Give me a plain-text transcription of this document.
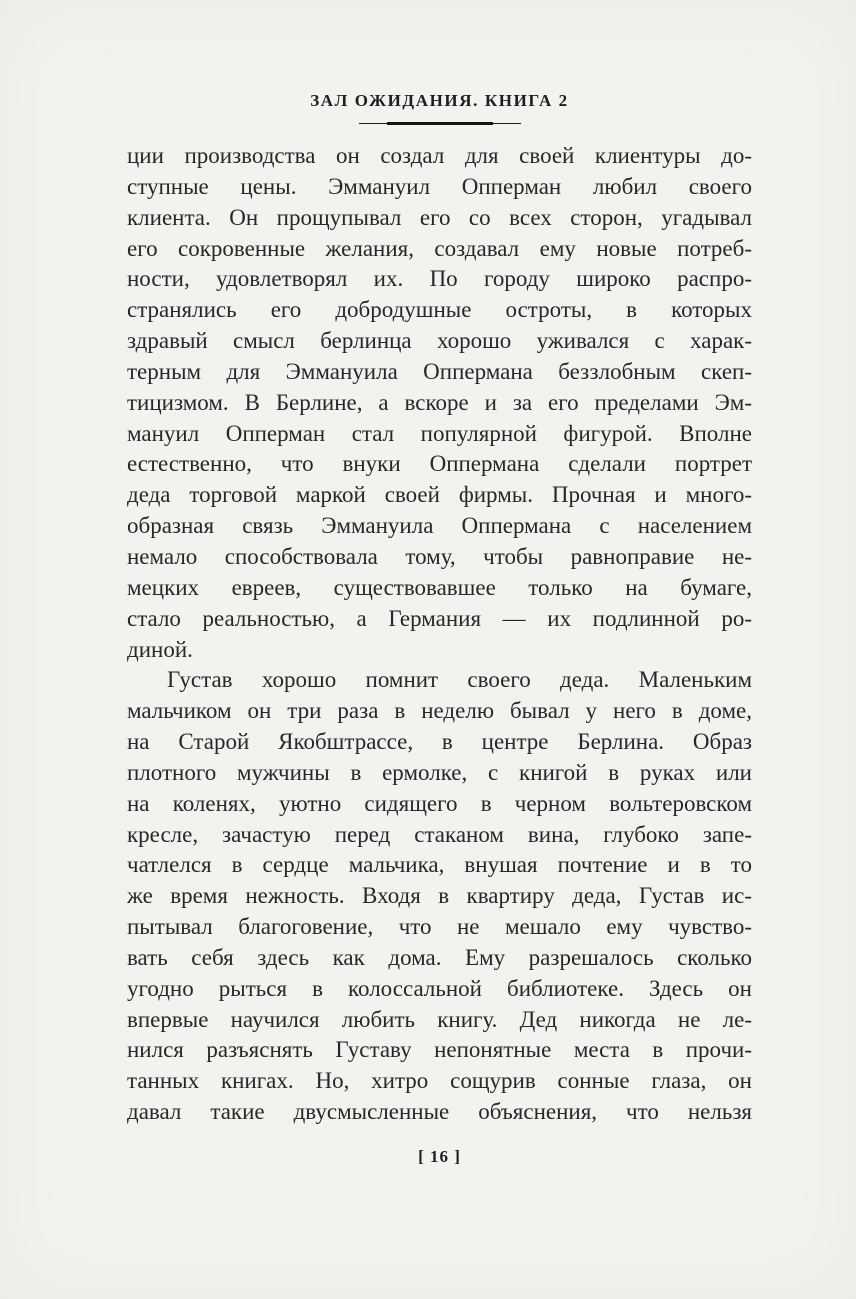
ЗАЛ ОЖИДАНИЯ. КНИГА 2
ции производства он создал для своей клиентуры до-
ступные цены. Эммануил Опперман любил своего
клиента. Он прощупывал его со всех сторон, угадывал
его сокровенные желания, создавал ему новые потреб-
ности, удовлетворял их. По городу широко распро-
странялись его добродушные остроты, в которых
здравый смысл берлинца хорошо уживался с харак-
терным для Эммануила Оппермана беззлобным скеп-
тицизмом. В Берлине, а вскоре и за его пределами Эм-
мануил Опперман стал популярной фигурой. Вполне
естественно, что внуки Оппермана сделали портрет
деда торговой маркой своей фирмы. Прочная и много-
образная связь Эммануила Оппермана с населением
немало способствовала тому, чтобы равноправие не-
мецких евреев, существовавшее только на бумаге,
стало реальностью, а Германия — их подлинной ро-
диной.
Густав хорошо помнит своего деда. Маленьким
мальчиком он три раза в неделю бывал у него в доме,
на Старой Якобштрассе, в центре Берлина. Образ
плотного мужчины в ермолке, с книгой в руках или
на коленях, уютно сидящего в черном вольтеровском
кресле, зачастую перед стаканом вина, глубоко запе-
чатлелся в сердце мальчика, внушая почтение и в то
же время нежность. Входя в квартиру деда, Густав ис-
пытывал благоговение, что не мешало ему чувство-
вать себя здесь как дома. Ему разрешалось сколько
угодно рыться в колоссальной библиотеке. Здесь он
впервые научился любить книгу. Дед никогда не ле-
нился разъяснять Густаву непонятные места в прочи-
танных книгах. Но, хитро сощурив сонные глаза, он
давал такие двусмысленные объяснения, что нельзя
[ 16 ]
